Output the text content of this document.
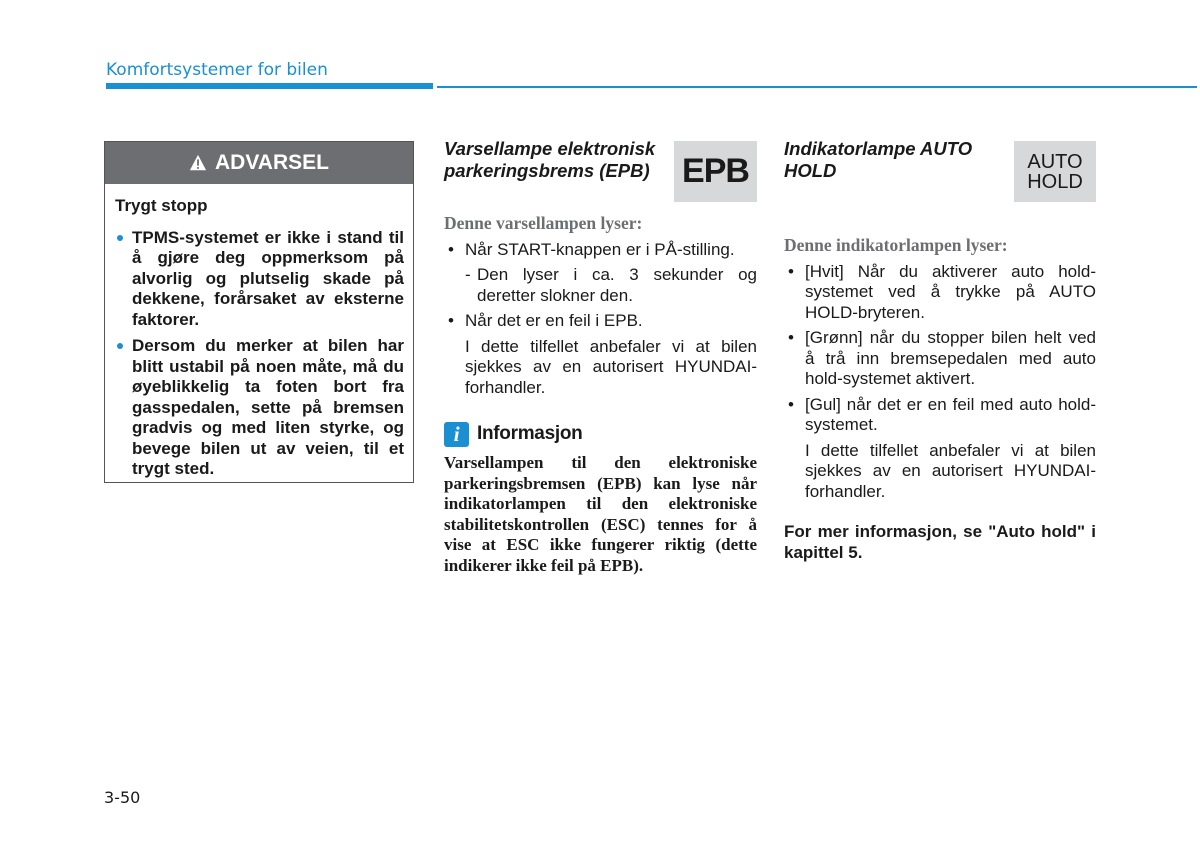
Komfortsystemer for bilen
ADVARSEL
Trygt stopp
TPMS-systemet er ikke i stand til å gjøre deg oppmerksom på alvorlig og plutselig skade på dekkene, forårsaket av eksterne faktorer.
Dersom du merker at bilen har blitt ustabil på noen måte, må du øyeblikkelig ta foten bort fra gasspedalen, sette på bremsen gradvis og med liten styrke, og bevege bilen ut av veien, til et trygt sted.
Varsellampe elektronisk parkeringsbrems (EPB) EPB
Denne varsellampen lyser:
• Når START-knappen er i PÅ-stilling.
- Den lyser i ca. 3 sekunder og deretter slokner den.
• Når det er en feil i EPB.
I dette tilfellet anbefaler vi at bilen sjekkes av en autorisert HYUNDAI-forhandler.
i Informasjon
Varsellampen til den elektroniske parkeringsbremsen (EPB) kan lyse når indikatorlampen til den elektroniske stabilitetskontrollen (ESC) tennes for å vise at ESC ikke fungerer riktig (dette indikerer ikke feil på EPB).
Indikatorlampe AUTO HOLD	AUTO
HOLD
Denne indikatorlampen lyser:
• [Hvit] Når du aktiverer auto hold-systemet ved å trykke på AUTO HOLD-bryteren.
• [Grønn] når du stopper bilen helt ved å trå inn bremsepedalen med auto hold-systemet aktivert.
• [Gul] når det er en feil med auto hold-systemet.
I dette tilfellet anbefaler vi at bilen sjekkes av en autorisert HYUNDAI-forhandler.
For mer informasjon, se "Auto hold" i kapittel 5.
3-50
